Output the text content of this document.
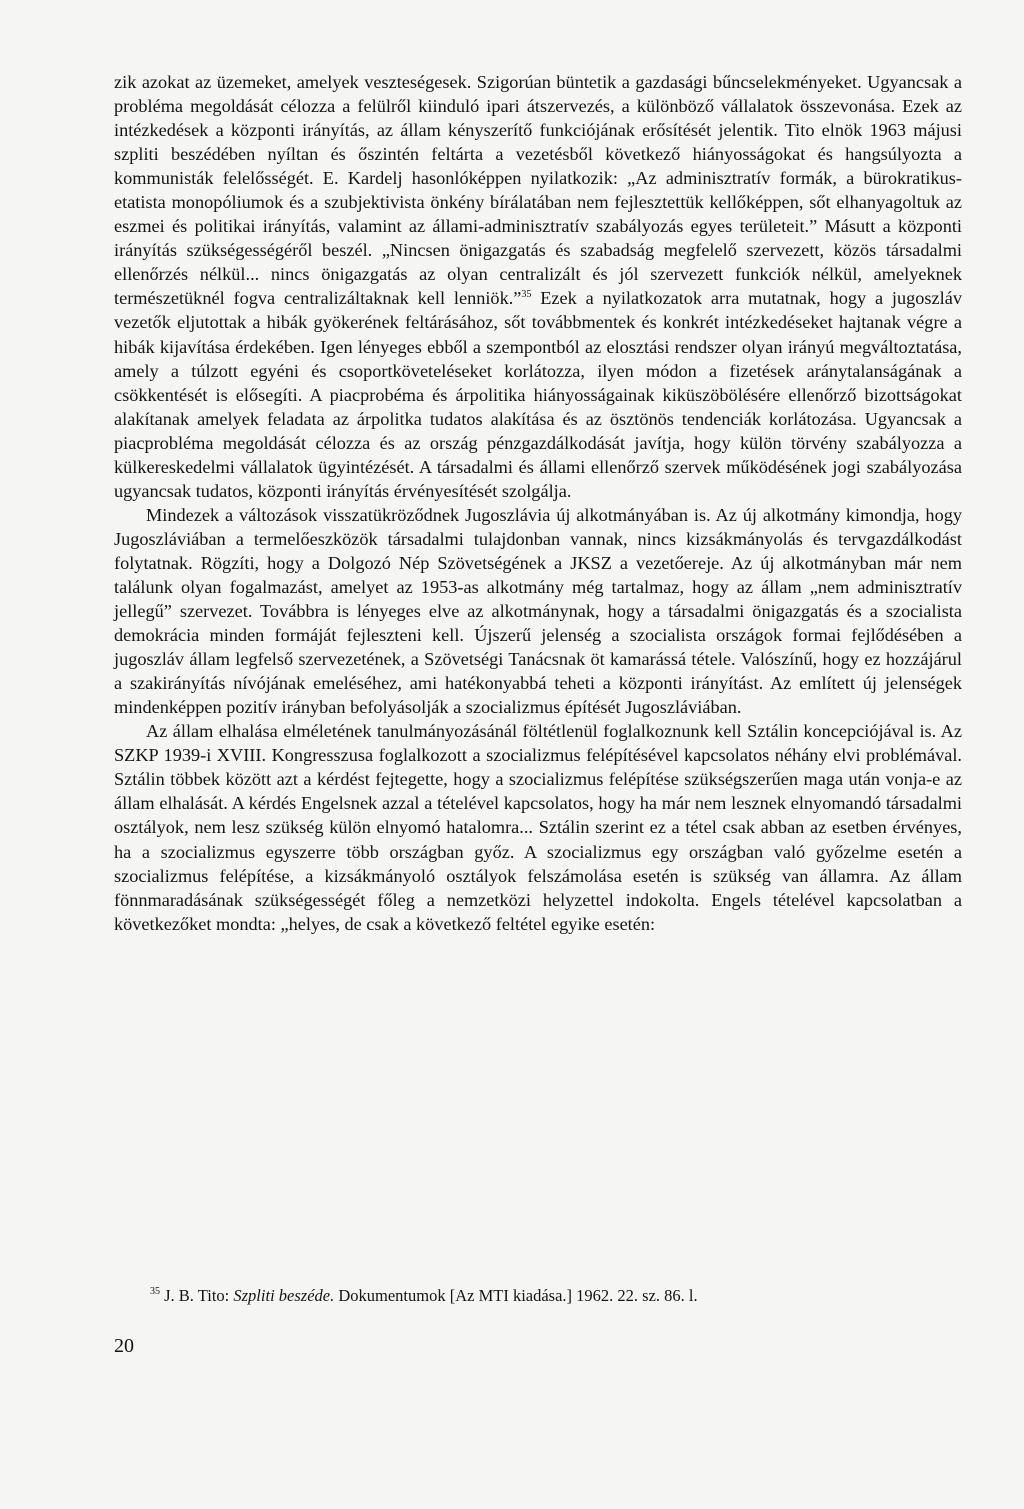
zik azokat az üzemeket, amelyek veszteségesek. Szigorúan büntetik a gazdasági bűncselekményeket. Ugyancsak a probléma megoldását célozza a felülről kiinduló ipari átszervezés, a különböző vállalatok összevonása. Ezek az intézkedések a központi irányítás, az állam kényszerítő funkciójának erősítését jelentik. Tito elnök 1963 májusi szpliti beszédében nyíltan és őszintén feltárta a vezetésből következő hiányosságokat és hangsúlyozta a kommunisták felelősségét. E. Kardelj hasonlóképpen nyilatkozik: „Az adminisztratív formák, a bürokratikus-etatista monopóliumok és a szubjektivista önkény bírálatában nem fejlesztettük kellőképpen, sőt elhanyagoltuk az eszmei és politikai irányítás, valamint az állami-adminisztratív szabályozás egyes területeit.” Másutt a központi irányítás szükségességéről beszél. „Nincsen önigazgatás és szabadság megfelelő szervezett, közös társadalmi ellenőrzés nélkül... nincs önigazgatás az olyan centralizált és jól szervezett funkciók nélkül, amelyeknek természetüknél fogva centralizáltaknak kell lenniök.”$^{35}$ Ezek a nyilatkozatok arra mutatnak, hogy a jugoszláv vezetők eljutottak a hibák gyökerének feltárásához, sőt továbbmentek és konkrét intézkedéseket hajtanak végre a hibák kijavítása érdekében. Igen lényeges ebből a szempontból az elosztási rendszer olyan irányú megváltoztatása, amely a túlzott egyéni és csoportköveteléseket korlátozza, ilyen módon a fizetések aránytalanságának a csökkentését is elősegíti. A piacprobéma és árpolitika hiányosságainak kiküszöbölésére ellenőrző bizottságokat alakítanak amelyek feladata az árpolitka tudatos alakítása és az ösztönös tendenciák korlátozása. Ugyancsak a piacprobléma megoldását célozza és az ország pénzgazdálkodását javítja, hogy külön törvény szabályozza a külkereskedelmi vállalatok ügyintézését. A társadalmi és állami ellenőrző szervek működésének jogi szabályozása ugyancsak tudatos, központi irányítás érvényesítését szolgálja.

Mindezek a változások visszatükröződnek Jugoszlávia új alkotmányában is. Az új alkotmány kimondja, hogy Jugoszláviában a termelőeszközök társadalmi tulajdonban vannak, nincs kizsákmányolás és tervgazdálkodást folytatnak. Rögzíti, hogy a Dolgozó Nép Szövetségének a JKSZ a vezetőereje. Az új alkotmányban már nem találunk olyan fogalmazást, amelyet az 1953-as alkotmány még tartalmaz, hogy az állam „nem adminisztratív jellegű” szervezet. Továbbra is lényeges elve az alkotmánynak, hogy a társadalmi önigazgatás és a szocialista demokrácia minden formáját fejleszteni kell. Újszerű jelenség a szocialista országok formai fejlődésében a jugoszláv állam legfelső szervezetének, a Szövetségi Tanácsnak öt kamarássá tétele. Valószínű, hogy ez hozzájárul a szakirányítás nívójának emeléséhez, ami hatékonyabbá teheti a központi irányítást. Az említett új jelenségek mindenképpen pozitív irányban befolyásolják a szocializmus építését Jugoszláviában.

Az állam elhalása elméletének tanulmányozásánál föltétlenül foglalkoznunk kell Sztálin koncepciójával is. Az SZKP 1939-i XVIII. Kongresszusa foglalkozott a szocializmus felépítésével kapcsolatos néhány elvi problémával. Sztálin többek között azt a kérdést fejtegette, hogy a szocializmus felépítése szükségszerűen maga után vonja-e az állam elhalását. A kérdés Engelsnek azzal a tételével kapcsolatos, hogy ha már nem lesznek elnyomandó társadalmi osztályok, nem lesz szükség külön elnyomó hatalomra... Sztálin szerint ez a tétel csak abban az esetben érvényes, ha a szocializmus egyszerre több országban győz. A szocializmus egy országban való győzelme esetén a szocializmus felépítése, a kizsákmányoló osztályok felszámolása esetén is szükség van államra. Az állam fönnmaradásának szükségességét főleg a nemzetközi helyzettel indokolta. Engels tételével kapcsolatban a következőket mondta: „helyes, de csak a következő feltétel egyike esetén:

$^{35}$ J. B. Tito: Szpliti beszéde. Dokumentumok [Az MTI kiadása.] 1962. 22. sz. 86. l.
20
